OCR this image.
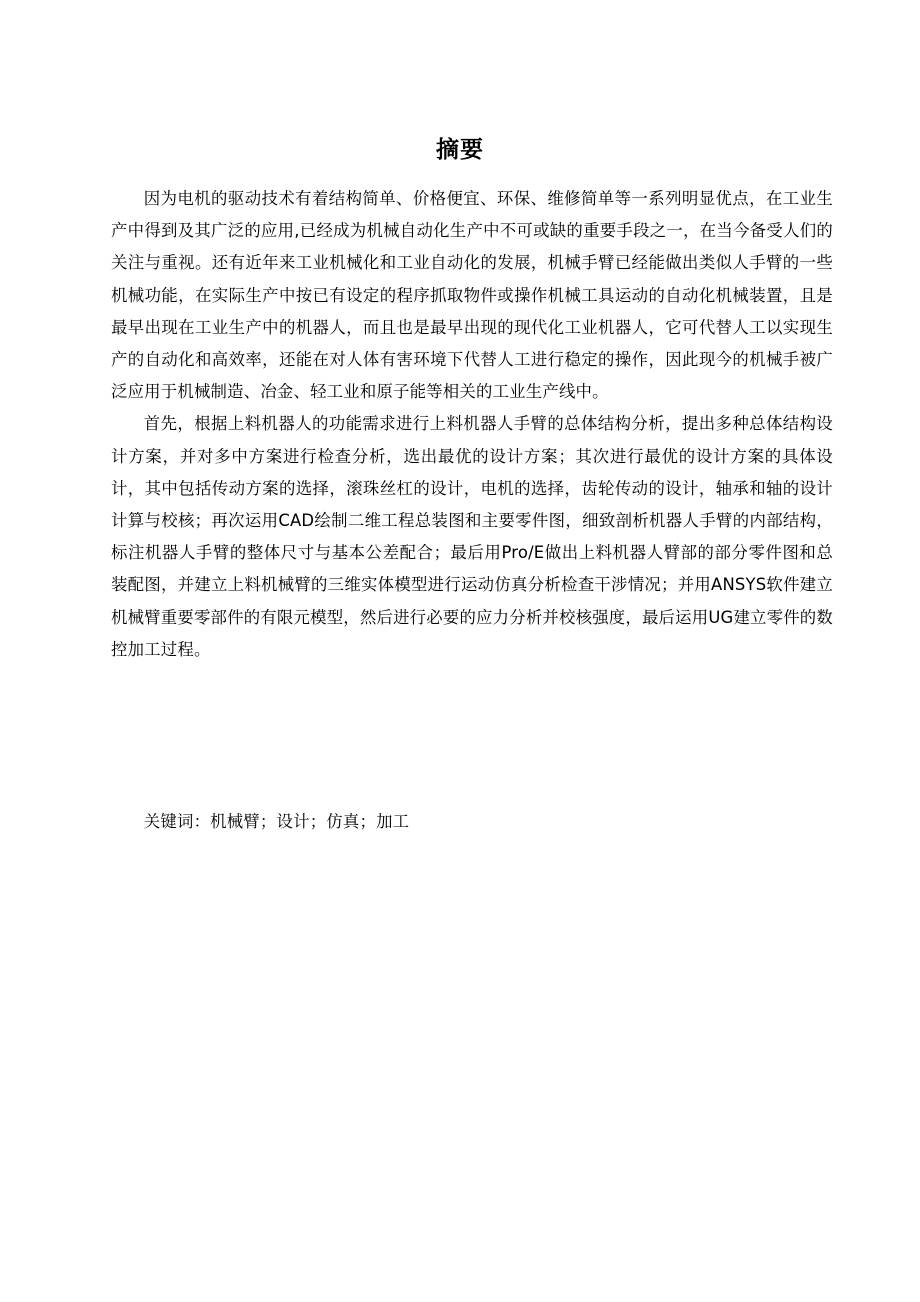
摘要

因为电机的驱动技术有着结构简单、价格便宜、环保、维修简单等一系列明显优点，在工业生产中得到及其广泛的应用,已经成为机械自动化生产中不可或缺的重要手段之一，在当今备受人们的关注与重视。还有近年来工业机械化和工业自动化的发展，机械手臂已经能做出类似人手臂的一些机械功能，在实际生产中按已有设定的程序抓取物件或操作机械工具运动的自动化机械装置，且是最早出现在工业生产中的机器人，而且也是最早出现的现代化工业机器人，它可代替人工以实现生产的自动化和高效率，还能在对人体有害环境下代替人工进行稳定的操作，因此现今的机械手被广泛应用于机械制造、冶金、轻工业和原子能等相关的工业生产线中。

首先，根据上料机器人的功能需求进行上料机器人手臂的总体结构分析，提出多种总体结构设计方案，并对多中方案进行检查分析，选出最优的设计方案；其次进行最优的设计方案的具体设计，其中包括传动方案的选择，滚珠丝杠的设计，电机的选择，齿轮传动的设计，轴承和轴的设计计算与校核；再次运用CAD绘制二维工程总装图和主要零件图，细致剖析机器人手臂的内部结构，标注机器人手臂的整体尺寸与基本公差配合；最后用Pro/E做出上料机器人臂部的部分零件图和总装配图，并建立上料机械臂的三维实体模型进行运动仿真分析检查干涉情况；并用ANSYS软件建立机械臂重要零部件的有限元模型，然后进行必要的应力分析并校核强度，最后运用UG建立零件的数控加工过程。

关键词：机械臂；设计；仿真；加工
